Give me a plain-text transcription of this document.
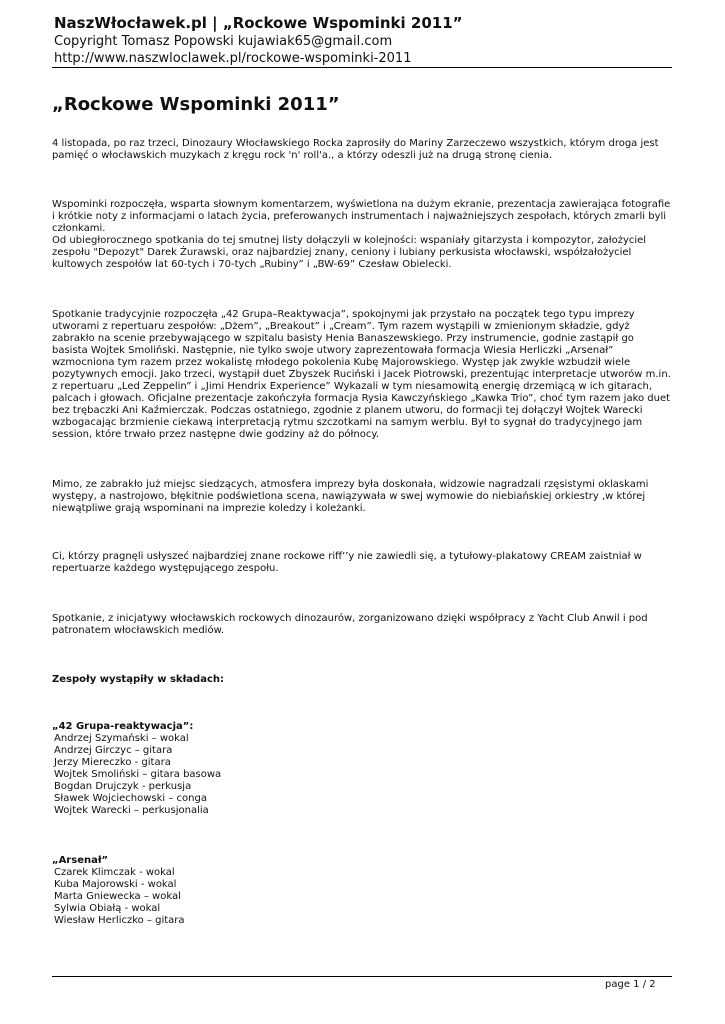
NaszWłocławek.pl | „Rockowe Wspominki 2011”
Copyright Tomasz Popowski kujawiak65@gmail.com
http://www.naszwloclawek.pl/rockowe-wspominki-2011
„Rockowe Wspominki 2011”

4 listopada, po raz trzeci, Dinozaury Włocławskiego Rocka zaprosiły do Mariny Zarzeczewo wszystkich, którym droga jest pamięć o włocławskich muzykach z kręgu rock 'n' roll'a., a którzy odeszli już na drugą stronę cienia.

Wspominki rozpoczęła, wsparta słownym komentarzem, wyświetlona na dużym ekranie, prezentacja zawierająca fotografie i krótkie noty z informacjami o latach życia, preferowanych instrumentach i najważniejszych zespołach, których zmarli byli członkami.

Od ubiegłorocznego spotkania do tej smutnej listy dołączyli w kolejności: wspaniały gitarzysta i kompozytor, założyciel zespołu "Depozyt" Darek Żurawski, oraz najbardziej znany, ceniony i lubiany perkusista włocławski, współzałożyciel kultowych zespołów lat 60-tych i 70-tych „Rubiny” i „BW-69” Czesław Obielecki.

Spotkanie tradycyjnie rozpoczęła „42 Grupa–Reaktywacja”, spokojnymi jak przystało na początek tego typu imprezy utworami z repertuaru zespołów: „Dżem”, „Breakout” i „Cream”. Tym razem wystąpili w zmienionym składzie, gdyż zabrakło na scenie przebywającego w szpitalu basisty Henia Banaszewskiego. Przy instrumencie, godnie zastąpił go basista Wojtek Smoliński. Następnie, nie tylko swoje utwory zaprezentowała formacja Wiesia Herliczki „Arsenał” wzmocniona tym razem przez wokalistę młodego pokolenia Kubę Majorowskiego. Występ jak zwykle wzbudził wiele pozytywnych emocji. Jako trzeci, wystąpił duet Zbyszek Ruciński i Jacek Piotrowski, prezentując interpretacje utworów m.in. z repertuaru „Led Zeppelin” i „Jimi Hendrix Experience” Wykazali w tym niesamowitą energię drzemiącą w ich gitarach, palcach i głowach. Oficjalne prezentacje zakończyła formacja Rysia Kawczyńskiego „Kawka Trio”, choć tym razem jako duet bez trębaczki Ani Kaźmierczak. Podczas ostatniego, zgodnie z planem utworu, do formacji tej dołączył Wojtek Warecki wzbogacając brzmienie ciekawą interpretacją rytmu szczotkami na samym werblu. Był to sygnał do tradycyjnego jam session, które trwało przez następne dwie godziny aż do północy.

Mimo, ze zabrakło już miejsc siedzących, atmosfera imprezy była doskonała, widzowie nagradzali rzęsistymi oklaskami występy, a nastrojowo, błękitnie podświetlona scena, nawiązywała w swej wymowie do niebiańskiej orkiestry ,w której niewątpliwe grają wspominani na imprezie koledzy i koleżanki.

Ci, którzy pragnęli usłyszeć najbardziej znane rockowe riff’’y nie zawiedli się, a tytułowy-plakatowy CREAM zaistniał w repertuarze każdego występującego zespołu.

Spotkanie, z inicjatywy włocławskich rockowych dinozaurów, zorganizowano dzięki współpracy z Yacht Club Anwil i pod patronatem włocławskich mediów.

Zespoły wystąpiły w składach:

„42 Grupa-reaktywacja”:
Andrzej Szymański – wokal
Andrzej Girczyc – gitara
Jerzy Miereczko - gitara
Wojtek Smoliński – gitara basowa
Bogdan Drujczyk - perkusja
Sławek Wojciechowski – conga
Wojtek Warecki – perkusjonalia
„Arsenał”
Czarek Klimczak - wokal
Kuba Majorowski - wokal
Marta Gniewecka – wokal
Sylwia Obiałą - wokal
Wiesław Herliczko – gitara
page 1 / 2
